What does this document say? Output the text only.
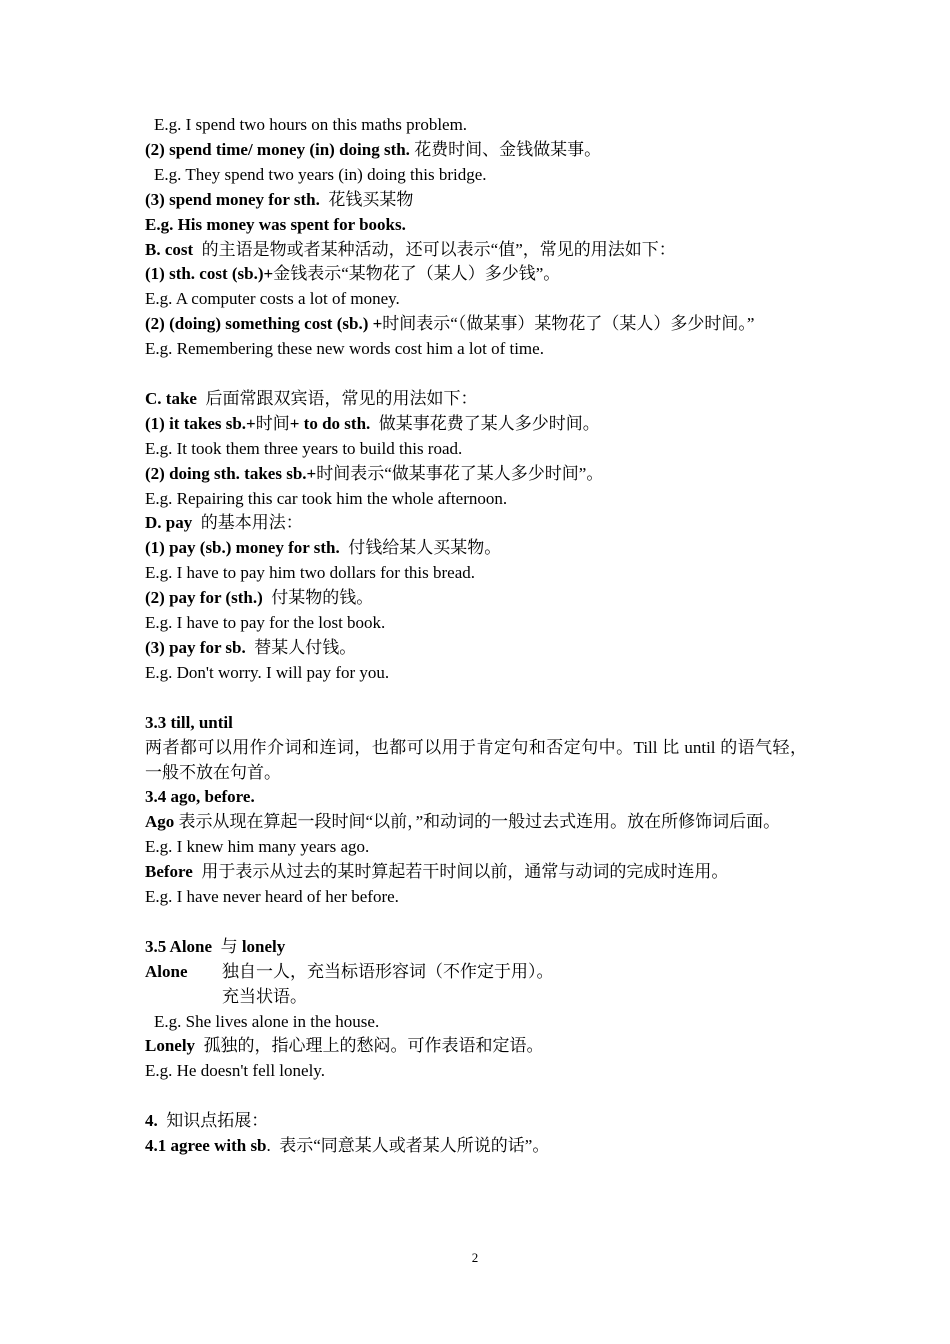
E.g. I spend two hours on this maths problem.

(2) spend time/ money (in) doing sth. 花费时间、金钱做某事。

E.g. They spend two years (in) doing this bridge.

(3) spend money for sth.  花钱买某物

E.g. His money was spent for books.

B. cost  的主语是物或者某种活动，还可以表示“值”，常见的用法如下：

(1) sth. cost (sb.)+金钱表示“某物花了（某人）多少钱”。

E.g. A computer costs a lot of money.

(2) (doing) something cost (sb.) +时间表示“（做某事）某物花了（某人）多少时间。”

E.g. Remembering these new words cost him a lot of time.

C. take  后面常跟双宾语，常见的用法如下：

(1) it takes sb.+时间+ to do sth.  做某事花费了某人多少时间。

E.g. It took them three years to build this road.

(2) doing sth. takes sb.+时间表示“做某事花了某人多少时间”。

E.g. Repairing this car took him the whole afternoon.

D. pay  的基本用法：

(1) pay (sb.) money for sth.  付钱给某人买某物。

E.g. I have to pay him two dollars for this bread.

(2) pay for (sth.)  付某物的钱。

E.g. I have to pay for the lost book.

(3) pay for sb.  替某人付钱。

E.g. Don't worry. I will pay for you.

3.3 till, until

两者都可以用作介词和连词，也都可以用于肯定句和否定句中。Till 比 until 的语气轻，一般不放在句首。

3.4 ago, before.

Ago 表示从现在算起一段时间“以前，”和动词的一般过去式连用。放在所修饰词后面。

E.g. I knew him many years ago.

Before  用于表示从过去的某时算起若干时间以前，通常与动词的完成时连用。

E.g. I have never heard of her before.

3.5 Alone  与 lonely

Alone 独自一人，充当标语形容词（不作定于用）。

充当状语。

E.g. She lives alone in the house.

Lonely  孤独的，指心理上的愁闷。可作表语和定语。

E.g. He doesn't fell lonely.

4.  知识点拓展：

4.1 agree with sb.  表示“同意某人或者某人所说的话”。

2
